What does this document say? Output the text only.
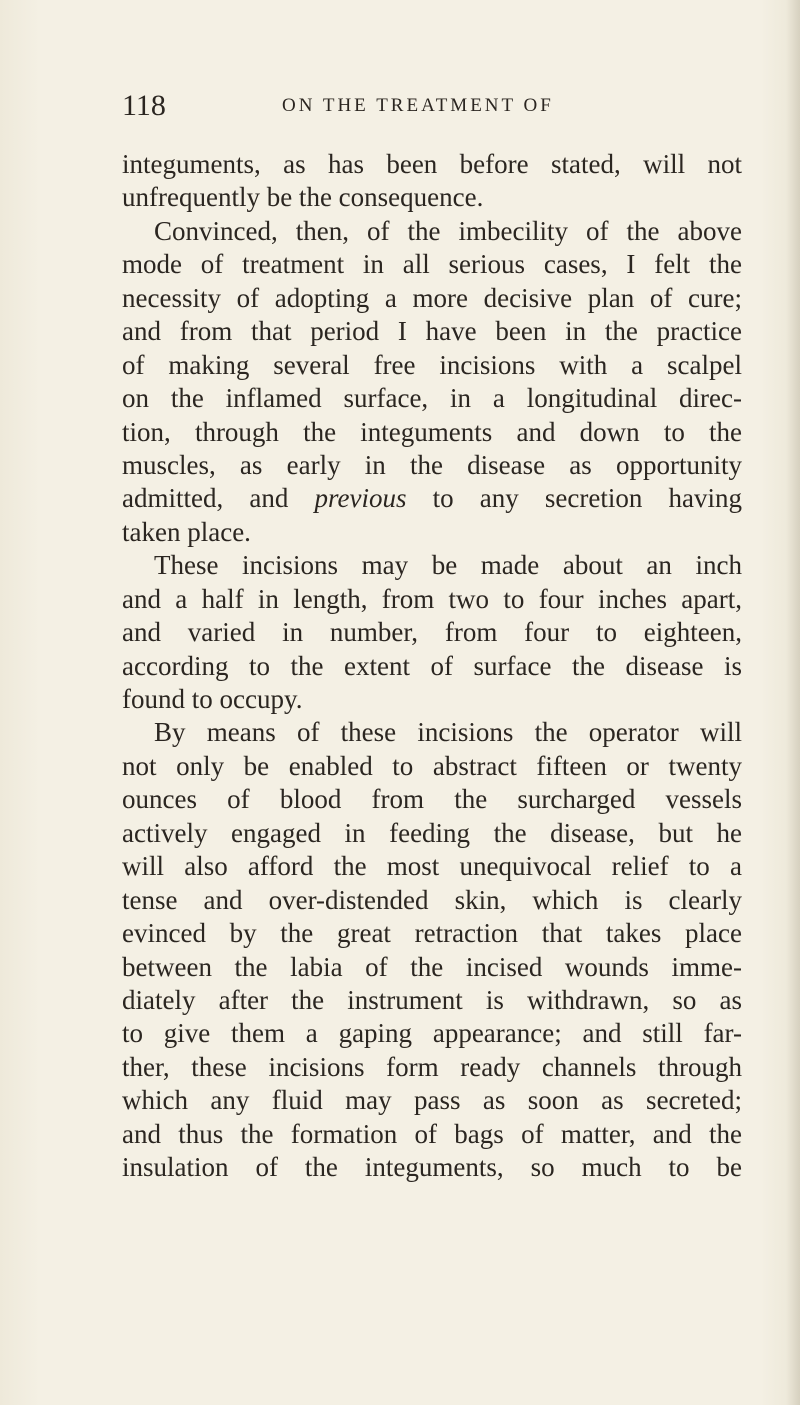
118	ON THE TREATMENT OF
integuments, as has been before stated, will not
unfrequently be the consequence.
Convinced, then, of the imbecility of the above
mode of treatment in all serious cases, I felt the
necessity of adopting a more decisive plan of cure;
and from that period I have been in the practice
of making several free incisions with a scalpel
on the inflamed surface, in a longitudinal direc-
tion, through the integuments and down to the
muscles, as early in the disease as opportunity
admitted, and previous to any secretion having
taken place.
These incisions may be made about an inch
and a half in length, from two to four inches apart,
and varied in number, from four to eighteen,
according to the extent of surface the disease is
found to occupy.
By means of these incisions the operator will
not only be enabled to abstract fifteen or twenty
ounces of blood from the surcharged vessels
actively engaged in feeding the disease, but he
will also afford the most unequivocal relief to a
tense and over-distended skin, which is clearly
evinced by the great retraction that takes place
between the labia of the incised wounds imme-
diately after the instrument is withdrawn, so as
to give them a gaping appearance; and still far-
ther, these incisions form ready channels through
which any fluid may pass as soon as secreted;
and thus the formation of bags of matter, and the
insulation of the integuments, so much to be
